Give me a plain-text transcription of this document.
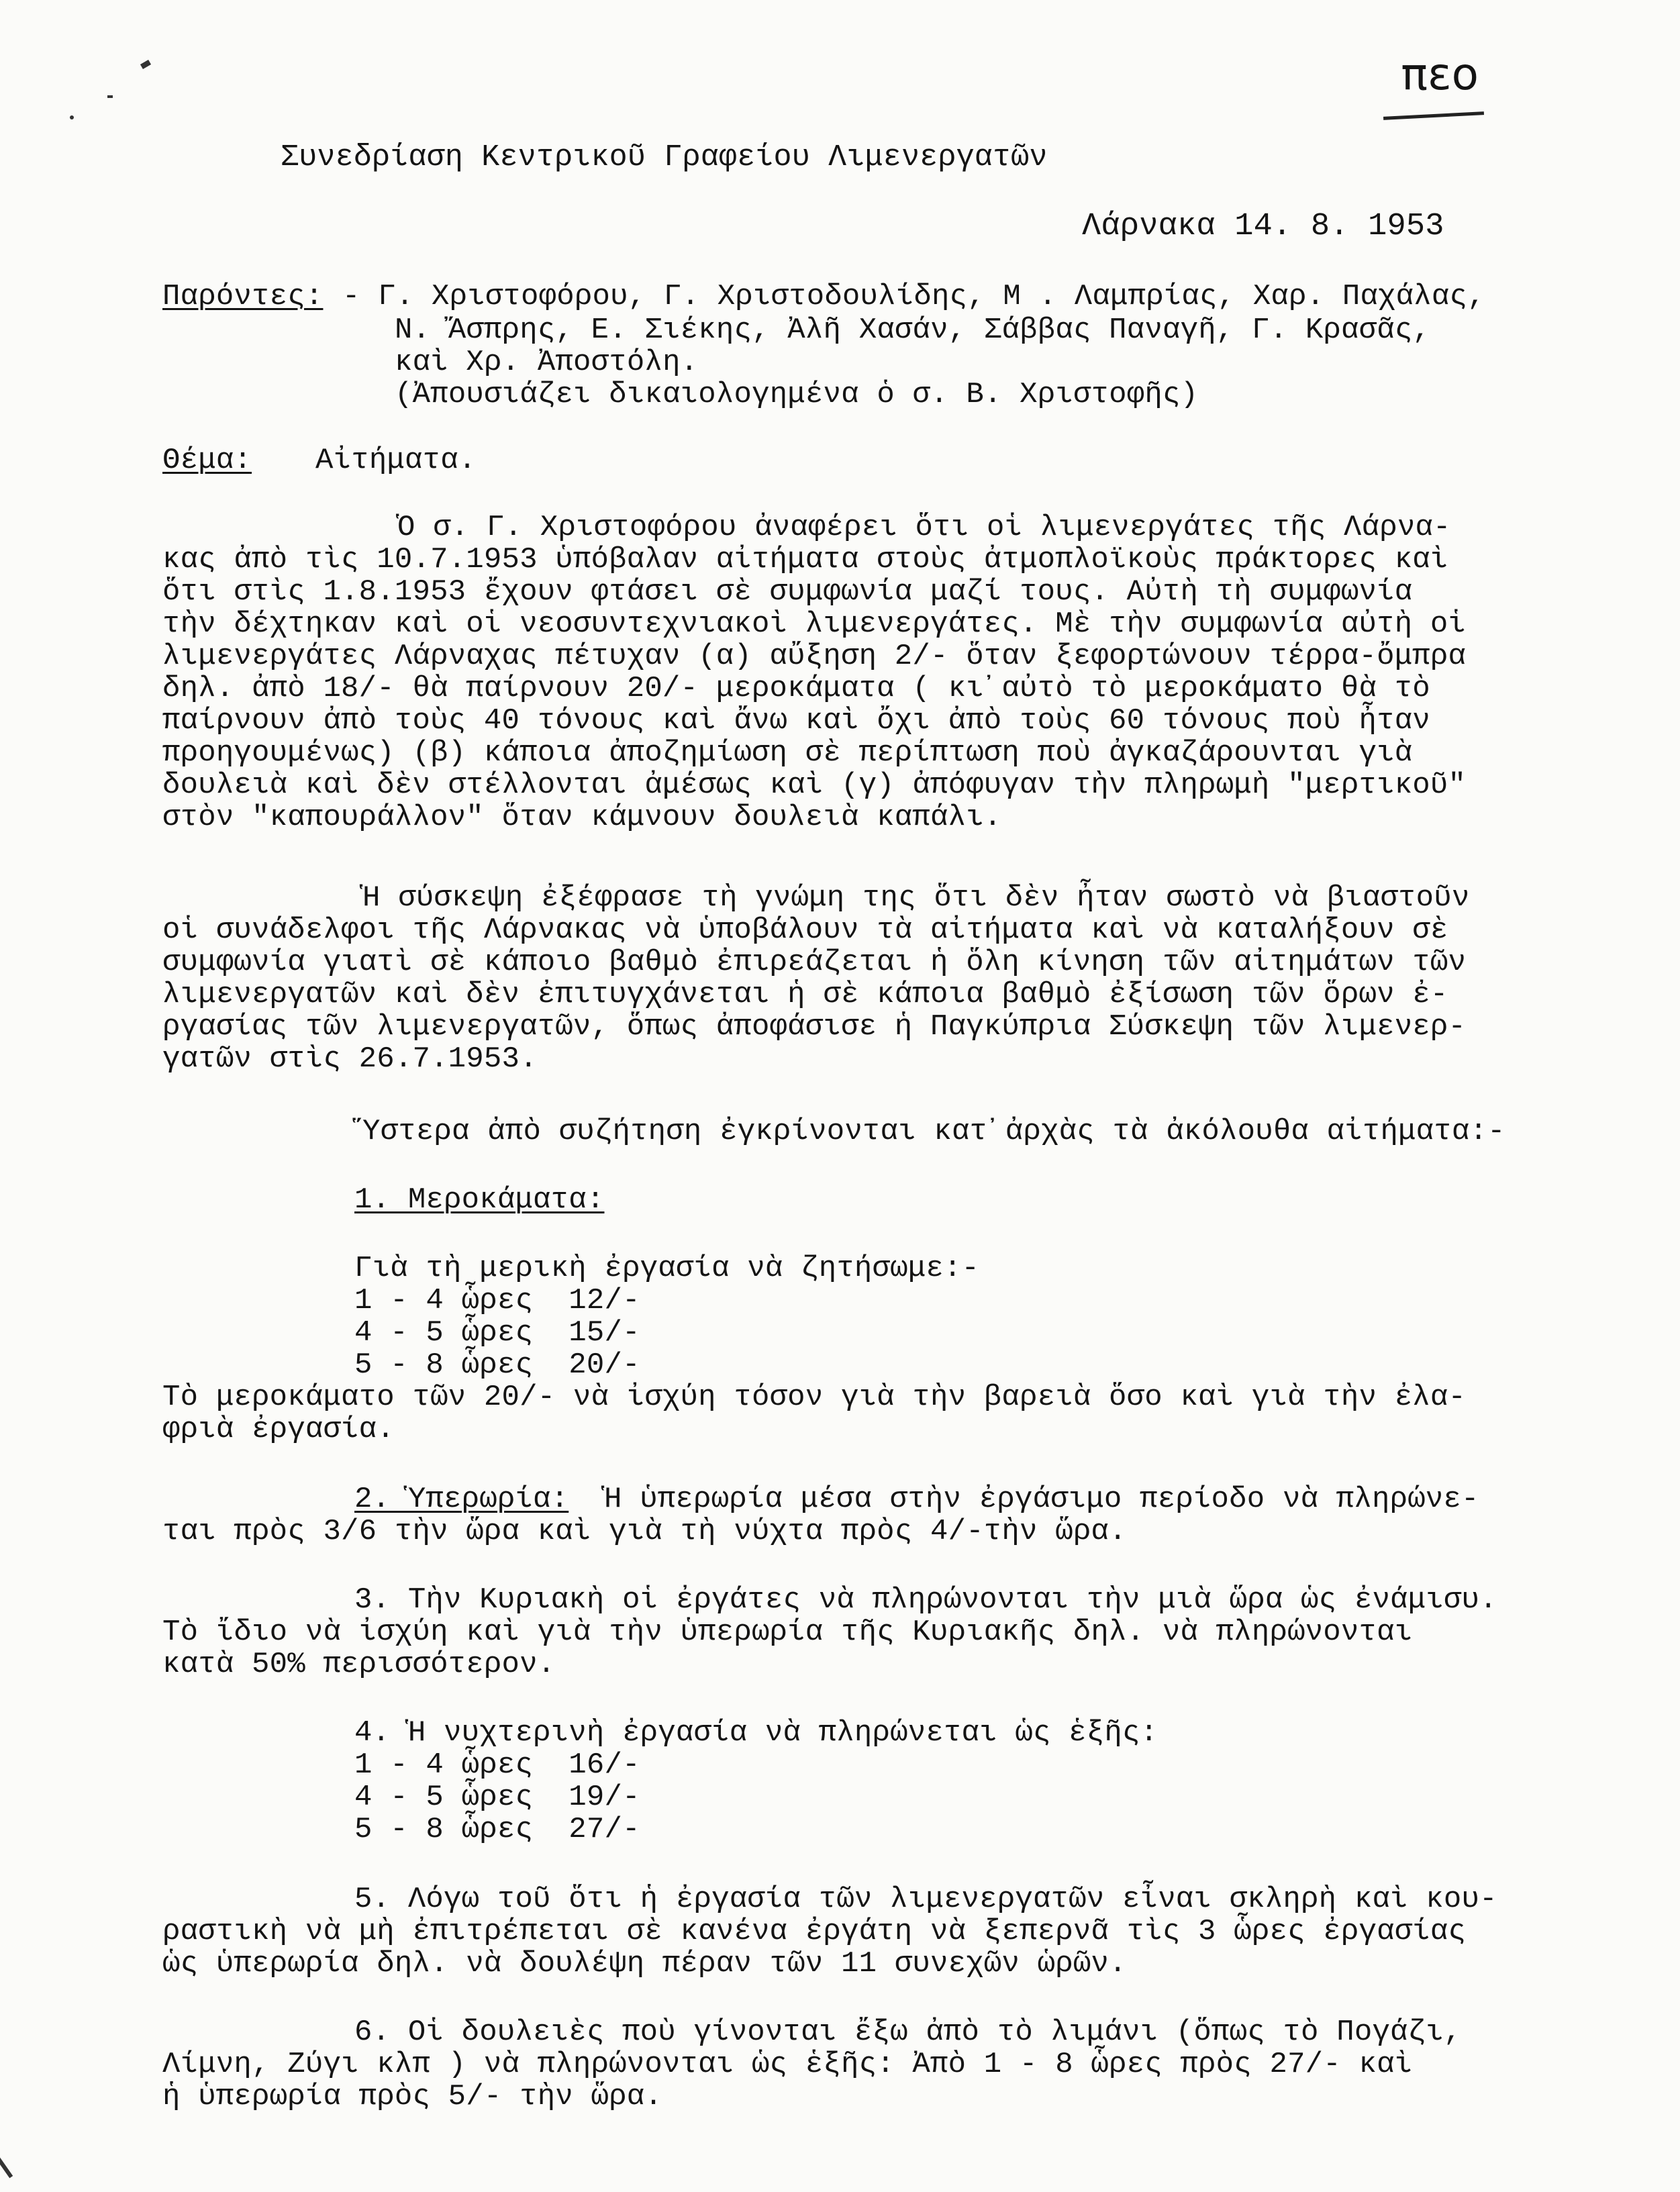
πεο
Συνεδρίαση Κεντρικοῦ Γραφείου Λιμενεργατῶν
Λάρνακα 14. 8. 1953
Παρόντες: - Γ. Χριστοφόρου, Γ. Χριστοδουλίδης, Μ . Λαμπρίας, Χαρ. Παχάλας,
Ν. Ἄσπρης, Ε. Σιέκης, Ἀλῆ Χασάν, Σάββας Παναγῆ, Γ. Κρασᾶς,
καὶ Χρ. Ἀποστόλη.
(Ἀπουσιάζει δικαιολογημένα ὁ σ. Β. Χριστοφῆς)
Θέμα: Αἰτήματα.
Ὁ σ. Γ. Χριστοφόρου ἀναφέρει ὅτι οἱ λιμενεργάτες τῆς Λάρνα-
κας ἀπὸ τὶς 10.7.1953 ὑπόβαλαν αἰτήματα στοὺς ἀτμοπλοϊκοὺς πράκτορες καὶ
ὅτι στὶς 1.8.1953 ἔχουν φτάσει σὲ συμφωνία μαζί τους. Αὐτὴ τὴ συμφωνία
τὴν δέχτηκαν καὶ οἱ νεοσυντεχνιακοὶ λιμενεργάτες. Μὲ τὴν συμφωνία αὐτὴ οἱ
λιμενεργάτες Λάρναχας πέτυχαν (α) αὔξηση 2/- ὅταν ξεφορτώνουν τέρρα-ὄμπρα
δηλ. ἀπὸ 18/- θὰ παίρνουν 20/- μεροκάματα ( κι᾽αὐτὸ τὸ μεροκάματο θὰ τὸ
παίρνουν ἀπὸ τοὺς 40 τόνους καὶ ἄνω καὶ ὄχι ἀπὸ τοὺς 60 τόνους ποὺ ἦταν
προηγουμένως) (β) κάποια ἀποζημίωση σὲ περίπτωση ποὺ ἀγκαζάρουνται γιὰ
δουλειὰ καὶ δὲν στέλλονται ἀμέσως καὶ (γ) ἀπόφυγαν τὴν πληρωμὴ "μερτικοῦ"
στὸν "καπουράλλον" ὅταν κάμνουν δουλειὰ καπάλι.
Ἡ σύσκεψη ἐξέφρασε τὴ γνώμη της ὅτι δὲν ἦταν σωστὸ νὰ βιαστοῦν
οἱ συνάδελφοι τῆς Λάρνακας νὰ ὑποβάλουν τὰ αἰτήματα καὶ νὰ καταλήξουν σὲ
συμφωνία γιατὶ σὲ κάποιο βαθμὸ ἐπιρεάζεται ἡ ὅλη κίνηση τῶν αἰτημάτων τῶν
λιμενεργατῶν καὶ δὲν ἐπιτυγχάνεται ἡ σὲ κάποια βαθμὸ ἐξίσωση τῶν ὅρων ἐ-
ργασίας τῶν λιμενεργατῶν, ὅπως ἀποφάσισε ἡ Παγκύπρια Σύσκεψη τῶν λιμενερ-
γατῶν στὶς 26.7.1953.
Ὕστερα ἀπὸ συζήτηση ἐγκρίνονται κατ᾽ἀρχὰς τὰ ἀκόλουθα αἰτήματα:-
1. Μεροκάματα:
Γιὰ τὴ μερικὴ ἐργασία νὰ ζητήσωμε:-
1 - 4 ὧρες  12/-
4 - 5 ὧρες  15/-
5 - 8 ὧρες  20/-
Τὸ μεροκάματο τῶν 20/- νὰ ἰσχύη τόσον γιὰ τὴν βαρειὰ ὅσο καὶ γιὰ τὴν ἐλα-
φριὰ ἐργασία.
2. Ὑπερωρία: Ἡ ὑπερωρία μέσα στὴν ἐργάσιμο περίοδο νὰ πληρώνε-
ται πρὸς 3/6 τὴν ὥρα καὶ γιὰ τὴ νύχτα πρὸς 4/-τὴν ὥρα.
3. Τὴν Κυριακὴ οἱ ἐργάτες νὰ πληρώνονται τὴν μιὰ ὥρα ὡς ἐνάμισυ.
Τὸ ἴδιο νὰ ἰσχύη καὶ γιὰ τὴν ὑπερωρία τῆς Κυριακῆς δηλ. νὰ πληρώνονται
κατὰ 50% περισσότερον.
4. Ἡ νυχτερινὴ ἐργασία νὰ πληρώνεται ὡς ἑξῆς:
1 - 4 ὧρες  16/-
4 - 5 ὧρες  19/-
5 - 8 ὧρες  27/-
5. Λόγω τοῦ ὅτι ἡ ἐργασία τῶν λιμενεργατῶν εἶναι σκληρὴ καὶ κου-
ραστικὴ νὰ μὴ ἐπιτρέπεται σὲ κανένα ἐργάτη νὰ ξεπερνᾶ τὶς 3 ὧρες ἐργασίας
ὡς ὑπερωρία δηλ. νὰ δουλέψη πέραν τῶν 11 συνεχῶν ὡρῶν.
6. Οἱ δουλειὲς ποὺ γίνονται ἔξω ἀπὸ τὸ λιμάνι (ὅπως τὸ Πογάζι,
Λίμνη, Ζύγι κλπ ) νὰ πληρώνονται ὡς ἑξῆς: Ἀπὸ 1 - 8 ὧρες πρὸς 27/- καὶ
ἡ ὑπερωρία πρὸς 5/- τὴν ὥρα.
